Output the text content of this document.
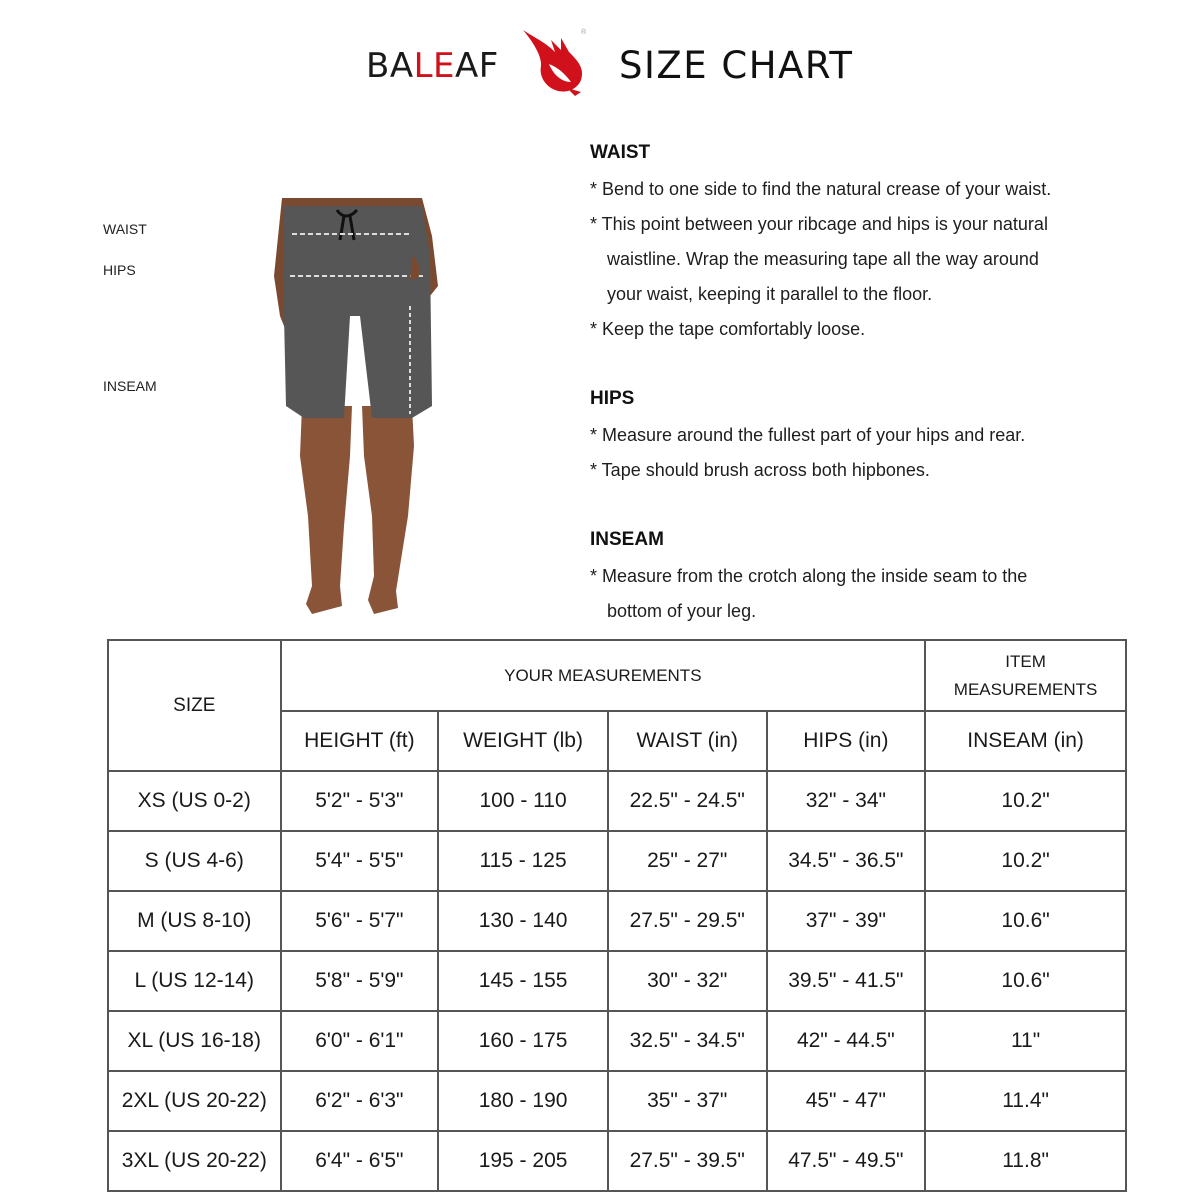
BALEAF
®
SIZE CHART
WAIST
HIPS
INSEAM
WAIST

* Bend to one side to find the natural crease of your waist.

* This point between your ribcage and hips is your natural

waistline. Wrap the measuring tape all the way around

your waist, keeping it parallel to the floor.

* Keep the tape comfortably loose.

HIPS

* Measure around the fullest part of your hips and rear.

* Tape should brush across both hipbones.

INSEAM

* Measure from the crotch along the inside seam to the

bottom of your leg.

SIZE	YOUR MEASUREMENTS				ITEM
MEASUREMENTS
	HEIGHT (ft)	WEIGHT (lb)	WAIST (in)	HIPS (in)	INSEAM (in)
XS (US 0-2)	5'2" - 5'3"	100 - 110	22.5" - 24.5"	32" - 34"	10.2"
S (US 4-6)	5'4" - 5'5"	115 - 125	25" - 27"	34.5" - 36.5"	10.2"
M (US 8-10)	5'6" - 5'7"	130 - 140	27.5" - 29.5"	37" - 39"	10.6"
L (US 12-14)	5'8" - 5'9"	145 - 155	30" - 32"	39.5" - 41.5"	10.6"
XL (US 16-18)	6'0" - 6'1"	160 - 175	32.5" - 34.5"	42" - 44.5"	11"
2XL (US 20-22)	6'2" - 6'3"	180 - 190	35" - 37"	45" - 47"	11.4"
3XL (US 20-22)	6'4" - 6'5"	195 - 205	27.5" - 39.5"	47.5" - 49.5"	11.8"
